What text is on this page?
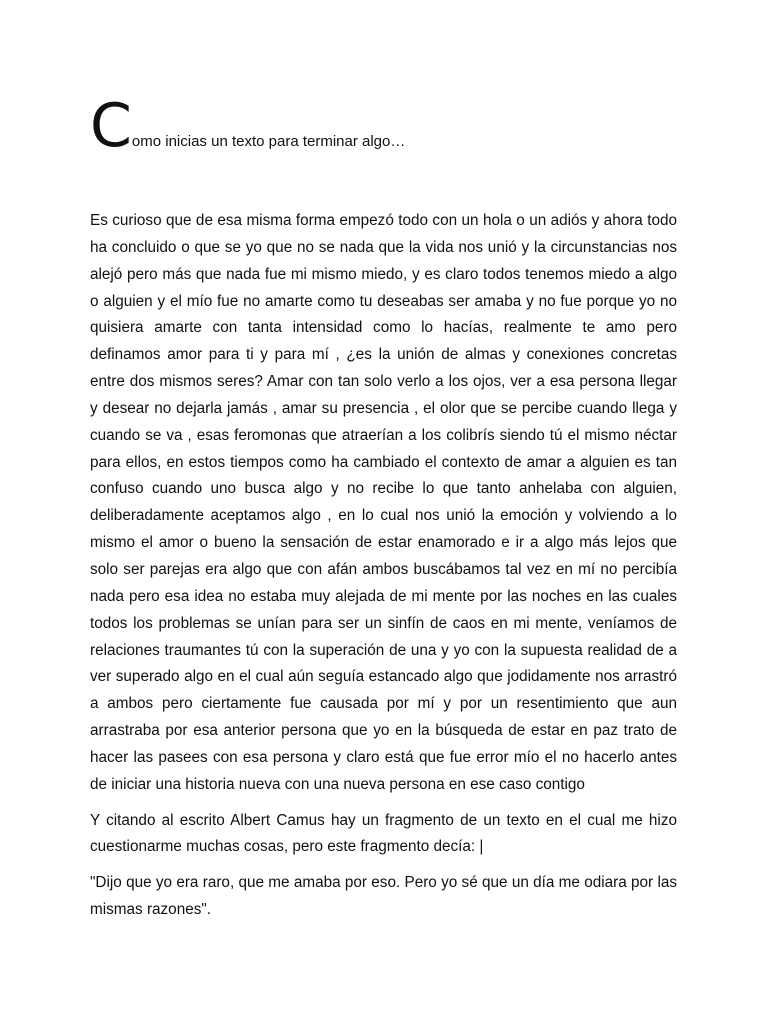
Como inicias un texto para terminar algo…

Es curioso que de esa misma forma empezó todo con un hola o un adiós y ahora todo ha concluido o que se yo que no se nada que la vida nos unió y la circunstancias nos alejó pero más que nada fue mi mismo miedo, y es claro todos tenemos miedo a algo o alguien y el mío fue no amarte como tu deseabas ser amaba y no fue porque yo no quisiera amarte con tanta intensidad como lo hacías, realmente te amo pero definamos amor para ti y para mí , ¿es la unión de almas y conexiones concretas entre dos mismos seres? Amar con tan solo verlo a los ojos, ver a esa persona llegar y desear no dejarla jamás , amar su presencia , el olor que se percibe cuando llega y cuando se va , esas feromonas que atraerían a los colibrís siendo tú el mismo néctar para ellos, en estos tiempos como ha cambiado el contexto de amar a alguien es tan confuso cuando uno busca algo y no recibe lo que tanto anhelaba con alguien, deliberadamente aceptamos algo , en lo cual nos unió la emoción y volviendo a lo mismo el amor o bueno la sensación de estar enamorado e ir a algo más lejos que solo ser parejas era algo que con afán ambos buscábamos tal vez en mí no percibía nada pero esa idea no estaba muy alejada de mi mente por las noches en las cuales todos los problemas se unían para ser un sinfín de caos en mi mente, veníamos de relaciones traumantes tú con la superación de una y yo con la supuesta realidad de a ver superado algo en el cual aún seguía estancado algo que jodidamente nos arrastró a ambos pero ciertamente fue causada por mí y por un resentimiento que aun arrastraba por esa anterior persona que yo en la búsqueda de estar en paz trato de hacer las pasees con esa persona y claro está que fue error mío el no hacerlo antes de iniciar una historia nueva con una nueva persona en ese caso contigo

Y citando al escrito Albert Camus hay un fragmento de un texto en el cual me hizo cuestionarme muchas cosas, pero este fragmento decía: |

"Dijo que yo era raro, que me amaba por eso. Pero yo sé que un día me odiara por las mismas razones".
